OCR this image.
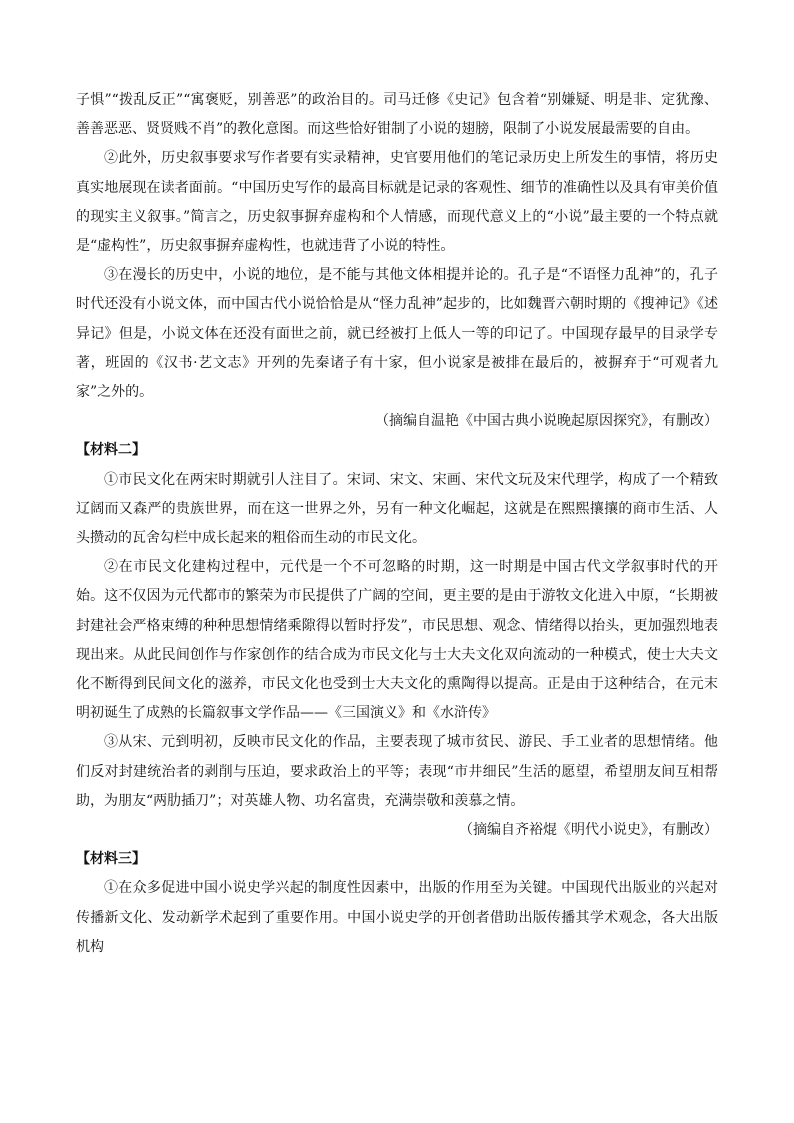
子惧”“拨乱反正”“寓褒贬，别善恶”的政治目的。司马迁修《史记》包含着“别嫌疑、明是非、定犹豫、善善恶恶、贤贤贱不肖”的教化意图。而这些恰好钳制了小说的翅膀，限制了小说发展最需要的自由。

②此外，历史叙事要求写作者要有实录精神，史官要用他们的笔记录历史上所发生的事情，将历史真实地展现在读者面前。“中国历史写作的最高目标就是记录的客观性、细节的准确性以及具有审美价值的现实主义叙事。”简言之，历史叙事摒弃虚构和个人情感，而现代意义上的“小说”最主要的一个特点就是“虚构性”，历史叙事摒弃虚构性，也就违背了小说的特性。

③在漫长的历史中，小说的地位，是不能与其他文体相提并论的。孔子是“不语怪力乱神”的，孔子时代还没有小说文体，而中国古代小说恰恰是从“怪力乱神”起步的，比如魏晋六朝时期的《搜神记》《述异记》但是，小说文体在还没有面世之前，就已经被打上低人一等的印记了。中国现存最早的目录学专著，班固的《汉书·艺文志》开列的先秦诸子有十家，但小说家是被排在最后的，被摒弃于“可观者九家”之外的。

（摘编自温艳《中国古典小说晚起原因探究》，有删改）

【材料二】

①市民文化在两宋时期就引人注目了。宋词、宋文、宋画、宋代文玩及宋代理学，构成了一个精致辽阔而又森严的贵族世界，而在这一世界之外，另有一种文化崛起，这就是在熙熙攘攘的商市生活、人头攒动的瓦舍勾栏中成长起来的粗俗而生动的市民文化。

②在市民文化建构过程中，元代是一个不可忽略的时期，这一时期是中国古代文学叙事时代的开始。这不仅因为元代都市的繁荣为市民提供了广阔的空间，更主要的是由于游牧文化进入中原，“长期被封建社会严格束缚的种种思想情绪乘隙得以暂时抒发”，市民思想、观念、情绪得以抬头，更加强烈地表现出来。从此民间创作与作家创作的结合成为市民文化与士大夫文化双向流动的一种模式，使士大夫文化不断得到民间文化的滋养，市民文化也受到士大夫文化的熏陶得以提高。正是由于这种结合，在元末明初诞生了成熟的长篇叙事文学作品——《三国演义》和《水浒传》

③从宋、元到明初，反映市民文化的作品，主要表现了城市贫民、游民、手工业者的思想情绪。他们反对封建统治者的剥削与压迫，要求政治上的平等；表现“市井细民”生活的愿望，希望朋友间互相帮助，为朋友“两肋插刀”；对英雄人物、功名富贵，充满崇敬和羡慕之情。

（摘编自齐裕焜《明代小说史》，有删改）

【材料三】

①在众多促进中国小说史学兴起的制度性因素中，出版的作用至为关键。中国现代出版业的兴起对传播新文化、发动新学术起到了重要作用。中国小说史学的开创者借助出版传播其学术观念，各大出版机构
